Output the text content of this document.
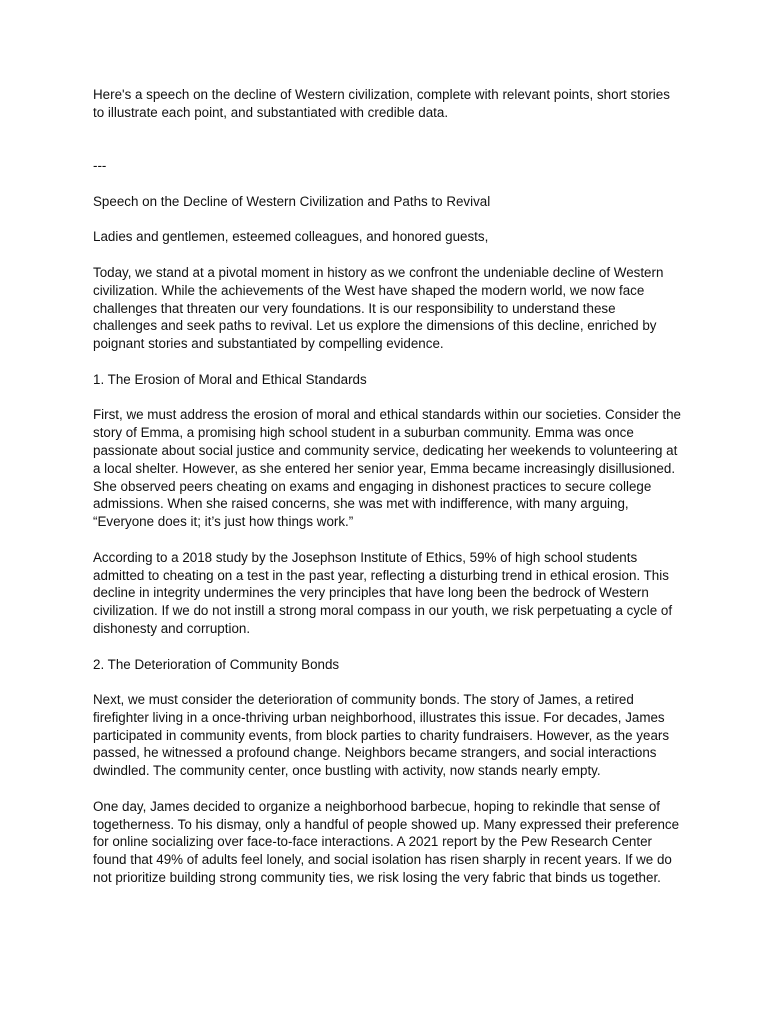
Here's a speech on the decline of Western civilization, complete with relevant points, short stories to illustrate each point, and substantiated with credible data.

---

Speech on the Decline of Western Civilization and Paths to Revival

Ladies and gentlemen, esteemed colleagues, and honored guests,

Today, we stand at a pivotal moment in history as we confront the undeniable decline of Western civilization. While the achievements of the West have shaped the modern world, we now face challenges that threaten our very foundations. It is our responsibility to understand these challenges and seek paths to revival. Let us explore the dimensions of this decline, enriched by poignant stories and substantiated by compelling evidence.

1. The Erosion of Moral and Ethical Standards

First, we must address the erosion of moral and ethical standards within our societies. Consider the story of Emma, a promising high school student in a suburban community. Emma was once passionate about social justice and community service, dedicating her weekends to volunteering at a local shelter. However, as she entered her senior year, Emma became increasingly disillusioned. She observed peers cheating on exams and engaging in dishonest practices to secure college admissions. When she raised concerns, she was met with indifference, with many arguing, “Everyone does it; it’s just how things work.”

According to a 2018 study by the Josephson Institute of Ethics, 59% of high school students admitted to cheating on a test in the past year, reflecting a disturbing trend in ethical erosion. This decline in integrity undermines the very principles that have long been the bedrock of Western civilization. If we do not instill a strong moral compass in our youth, we risk perpetuating a cycle of dishonesty and corruption.

2. The Deterioration of Community Bonds

Next, we must consider the deterioration of community bonds. The story of James, a retired firefighter living in a once-thriving urban neighborhood, illustrates this issue. For decades, James participated in community events, from block parties to charity fundraisers. However, as the years passed, he witnessed a profound change. Neighbors became strangers, and social interactions dwindled. The community center, once bustling with activity, now stands nearly empty.

One day, James decided to organize a neighborhood barbecue, hoping to rekindle that sense of togetherness. To his dismay, only a handful of people showed up. Many expressed their preference for online socializing over face-to-face interactions. A 2021 report by the Pew Research Center found that 49% of adults feel lonely, and social isolation has risen sharply in recent years. If we do not prioritize building strong community ties, we risk losing the very fabric that binds us together.
